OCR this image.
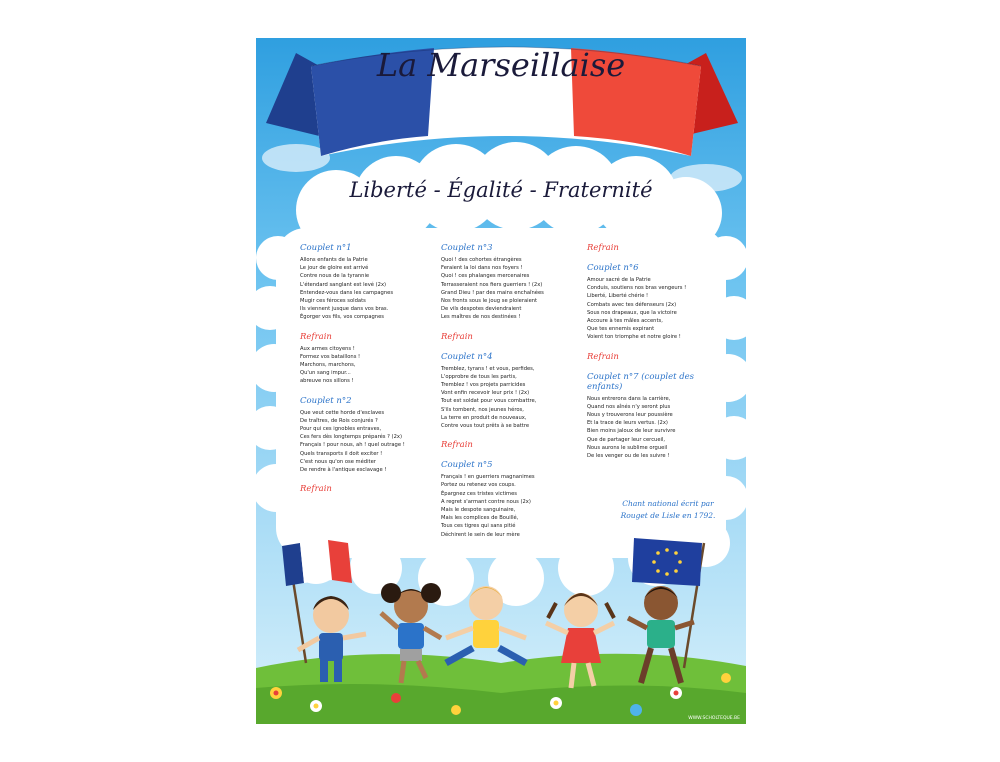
La Marseillaise
Liberté - Égalité - Fraternité
Couplet n°1
Allons enfants de la Patrie
Le jour de gloire est arrivé
Contre nous de la tyrannie
L'étendard sanglant est levé (2x)
Entendez-vous dans les campagnes
Mugir ces féroces soldats
Ils viennent jusque dans vos bras.
Égorger vos fils, vos compagnes
Refrain
Aux armes citoyens !
Formez vos bataillons !
Marchons, marchons,
Qu'un sang impur...
abreuve nos sillons !
Couplet n°2
Que veut cette horde d'esclaves
De traîtres, de Rois conjurés ?
Pour qui ces ignobles entraves,
Ces fers dès longtemps préparés ? (2x)
Français ! pour nous, ah ! quel outrage !
Quels transports il doit exciter !
C'est nous qu'on ose méditer
De rendre à l'antique esclavage !
Refrain
Couplet n°3
Quoi ! des cohortes étrangères
Feraient la loi dans nos foyers !
Quoi ! ces phalanges mercenaires
Terrasseraient nos fiers guerriers ! (2x)
Grand Dieu ! par des mains enchaînées
Nos fronts sous le joug se ploieraient
De vils despotes deviendraient
Les maîtres de nos destinées !
Refrain
Couplet n°4
Tremblez, tyrans ! et vous, perfides,
L'opprobre de tous les partis,
Tremblez ! vos projets parricides
Vont enfin recevoir leur prix ! (2x)
Tout est soldat pour vous combattre,
S'ils tombent, nos jeunes héros,
La terre en produit de nouveaux,
Contre vous tout prêts à se battre
Refrain
Couplet n°5
Français ! en guerriers magnanimes
Portez ou retenez vos coups.
Épargnez ces tristes victimes
A regret s'armant contre nous (2x)
Mais le despote sanguinaire,
Mais les complices de Bouillé,
Tous ces tigres qui sans pitié
Déchirent le sein de leur mère
Refrain
Couplet n°6
Amour sacré de la Patrie
Conduis, soutiens nos bras vengeurs !
Liberté, Liberté chérie !
Combats avec tes défenseurs (2x)
Sous nos drapeaux, que la victoire
Accoure à tes mâles accents,
Que tes ennemis expirant
Voient ton triomphe et notre gloire !
Refrain
Couplet n°7 (couplet des enfants)
Nous entrerons dans la carrière,
Quand nos aînés n'y seront plus
Nous y trouverons leur poussière
Et la trace de leurs vertus. (2x)
Bien moins jaloux de leur survivre
Que de partager leur cercueil,
Nous aurons le sublime orgueil
De les venger ou de les suivre !
Chant national écrit par
Rouget de Lisle en 1792.
WWW.SCHOLTEQUE.BE
